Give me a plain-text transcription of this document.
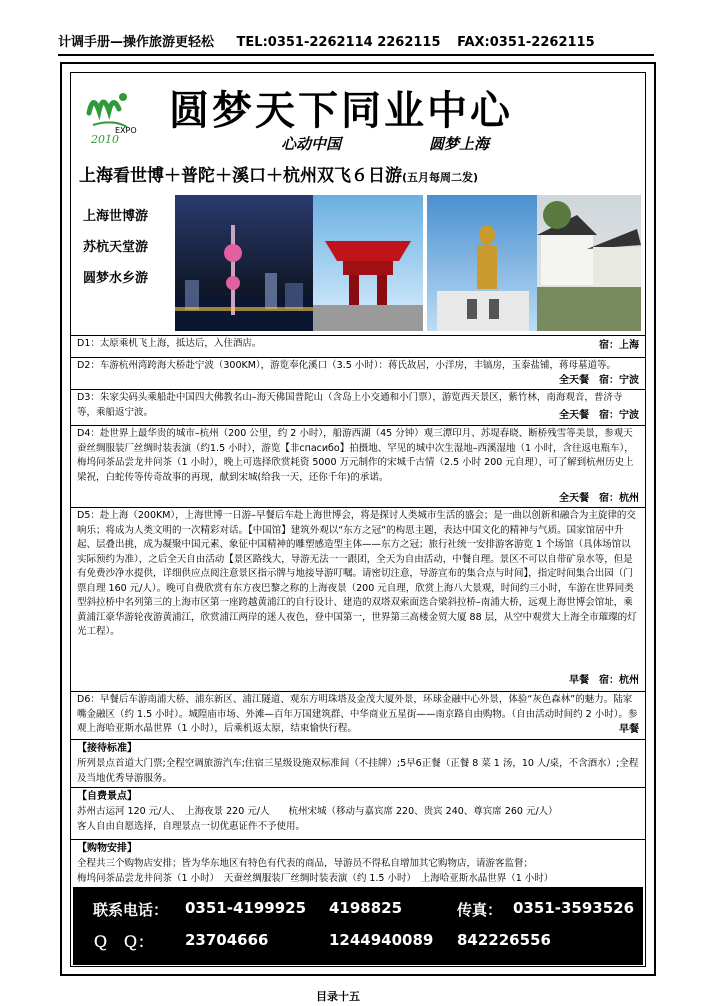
计调手册—操作旅游更轻松 TEL:0351-2262114 2262115 FAX:0351-2262115
EXPO
2010
圆梦天下同业中心
心动中国	圆梦上海
上海看世博＋普陀＋溪口＋杭州双飞６日游(五月每周二发)
上海世博游
苏杭天堂游
圆梦水乡游
D1：太原乘机飞上海，抵达后，入住酒店。	宿：上海
D2：车游杭州湾跨海大桥赴宁波（300KM），游览奉化溪口（3.5 小时）：蒋氏故居，小洋房，丰镐房，玉泰盐铺，蒋母墓道等。
全天餐　宿：宁波
D3：朱家尖码头乘船赴中国四大佛教名山–海天佛国普陀山（含岛上小交通和小门票），游览西天景区，紫竹林，南海观音，普济寺等，乘船返宁波。	全天餐　宿：宁波
D4：赴世界上最华贵的城市–杭州（200 公里，约 2 小时），船游西湖（45 分钟）观三潭印月、苏堤春晓、断桥残雪等美景，参观天蚕丝绸服装厂丝绸时装表演（约1.5 小时），游览【非спасибо】拍摄地、罕见的城中次生湿地–西溪湿地（1 小时，含往返电瓶车），梅坞问茶品尝龙井问茶（1 小时），晚上可选择欣赏耗资 5000 万元制作的宋城千古情（2.5 小时 200 元自理），可了解到杭州历史上梁祝，白蛇传等传奇故事的再现，献到宋城(给我一天，还你千年)的承诺。
全天餐　宿：杭州
D5：赴上海（200KM），上海世博一日游–早餐后车赴上海世博会，将是探讨人类城市生活的盛会；是一曲以创新和融合为主旋律的交响乐；将成为人类文明的一次精彩对话。【中国馆】建筑外观以“东方之冠”的构思主题，表达中国文化的精神与气质。国家馆居中升起、层叠出挑，成为凝聚中国元素、象征中国精神的雕塑感造型主体——东方之冠；旅行社统一安排游客游览 1 个场馆（具体场馆以实际预约为准），之后全天自由活动【景区路线大，导游无法一一跟团，全天为自由活动，中餐自理。景区不可以自带矿泉水等，但是有免费沙净水提供，详细供应点阅注意景区指示牌与地接导游叮嘱。请密切注意，导游宣布的集合点与时间】，指定时间集合出园（门票自理 160 元/人）。晚可自费欣赏有东方夜巴黎之称的上海夜景（200 元自理，欣赏上海八大景观，时间约三小时，车游在世界同类型斜拉桥中名列第三的上海市区第一座跨越黄浦江的自行设计、建造的双塔双索面迭合梁斜拉桥–南浦大桥，远观上海世博会馆址，乘黄浦江豪华游轮夜游黄浦江，欣赏浦江两岸的迷人夜色，登中国第一，世界第三高楼金贸大厦 88 层，从空中观赏大上海全市璀璨的灯光工程）。
早餐　宿：杭州
D6：早餐后车游南浦大桥、浦东新区、浦江隧道、观东方明珠塔及金茂大厦外景，环球金融中心外景，体验“灰色森林”的魅力。陆家嘴金融区（约 1.5 小时）。城隍庙市场、外滩—百年万国建筑群、中华商业五星街——南京路自由购物。（自由活动时间约 2 小时）。参观上海哈亚斯水晶世界（1 小时），后乘机返太原，结束愉快行程。	早餐
【接待标准】
所列景点首道大门票;全程空调旅游汽车;住宿三星级设施双标准间（不挂牌）;5早6正餐（正餐 8 菜 1 汤，10 人/桌，不含酒水）;全程及当地优秀导游服务。
【自费景点】
苏州古运河 120 元/人、　上海夜景 220 元/人　　杭州宋城（移动与嘉宾席 220、贵宾 240、尊宾席 260 元/人）
客人自由自愿选择，自理景点一切优惠证件不予使用。
【购物安排】
全程共三个购物店安排；皆为华东地区有特色有代表的商品，导游员不得私自增加其它购物店，请游客监督；
梅坞问茶品尝龙井问茶（1 小时）　天蚕丝绸服装厂丝绸时装表演（约 1.5 小时）　上海哈亚斯水晶世界（1 小时）
联系电话： 0351-4199925 4198825	传真： 0351-3593526
Ｑ　Ｑ： 23704666	1244940089 842226556
目录十五
